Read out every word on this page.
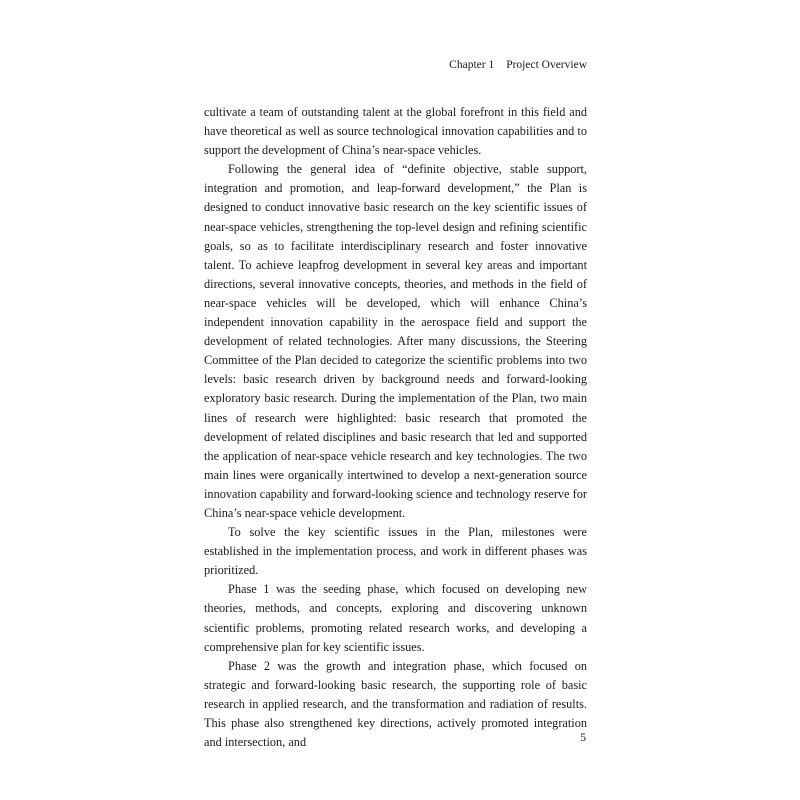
Chapter 1 Project Overview

cultivate a team of outstanding talent at the global forefront in this field and have theoretical as well as source technological innovation capabilities and to support the development of China’s near-space vehicles.

Following the general idea of “definite objective, stable support, integration and promotion, and leap-forward development,” the Plan is designed to conduct innovative basic research on the key scientific issues of near-space vehicles, strengthening the top-level design and refining scientific goals, so as to facilitate interdisciplinary research and foster innovative talent. To achieve leapfrog development in several key areas and important directions, several innovative concepts, theories, and methods in the field of near-space vehicles will be developed, which will enhance China’s independent innovation capability in the aerospace field and support the development of related technologies. After many discussions, the Steering Committee of the Plan decided to categorize the scientific problems into two levels: basic research driven by background needs and forward-looking exploratory basic research. During the implementation of the Plan, two main lines of research were highlighted: basic research that promoted the development of related disciplines and basic research that led and supported the application of near-space vehicle research and key technologies. The two main lines were organically intertwined to develop a next-generation source innovation capability and forward-looking science and technology reserve for China’s near-space vehicle development.

To solve the key scientific issues in the Plan, milestones were established in the implementation process, and work in different phases was prioritized.

Phase 1 was the seeding phase, which focused on developing new theories, methods, and concepts, exploring and discovering unknown scientific problems, promoting related research works, and developing a comprehensive plan for key scientific issues.

Phase 2 was the growth and integration phase, which focused on strategic and forward-looking basic research, the supporting role of basic research in applied research, and the transformation and radiation of results. This phase also strengthened key directions, actively promoted integration and intersection, and	5
